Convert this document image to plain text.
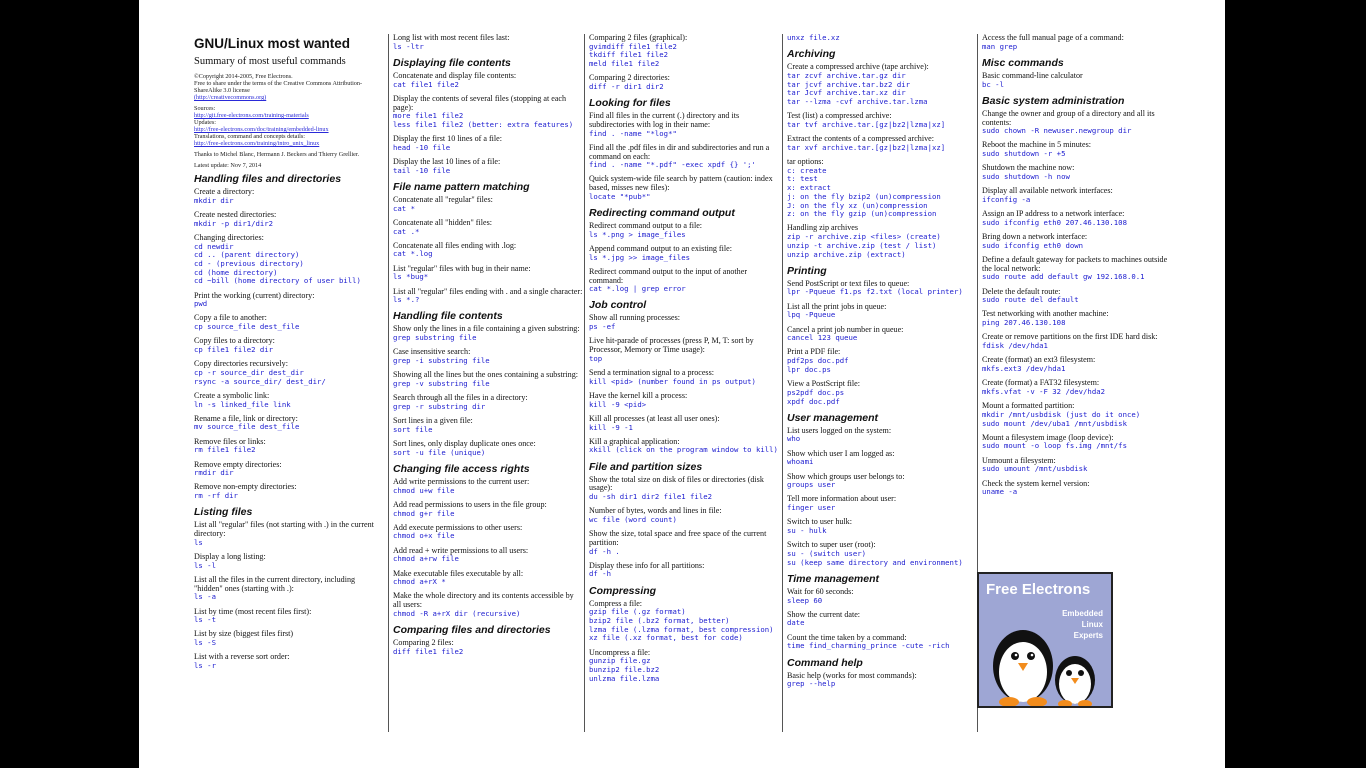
GNU/Linux most wanted
Summary of most useful commands

©Copyright 2014-2005, Free Electrons.
Free to share under the terms of the Creative Commons Attribution-ShareAlike 3.0 license
(http://creativecommons.org)

Sources:
http://git.free-electrons.com/training-materials
Updates:
http://free-electrons.com/doc/training/embedded-linux
Translations, command and concepts details:
http://free-electrons.com/training/intro_unix_linux

Thanks to Michel Blanc, Hermann J. Beckers and Thierry Grellier.

Latest update: Nov 7, 2014

Handling files and directories
Create a directory:
mkdir dir
Create nested directories:
mkdir -p dir1/dir2
Changing directories:
cd newdir
cd .. (parent directory)
cd - (previous directory)
cd (home directory)
cd ~bill (home directory of user bill)
Print the working (current) directory:
pwd
Copy a file to another:
cp source_file dest_file
Copy files to a directory:
cp file1 file2 dir
Copy directories recursively:
cp -r source_dir dest_dir
rsync -a source_dir/ dest_dir/
Create a symbolic link:
ln -s linked_file link
Rename a file, link or directory:
mv source_file dest_file
Remove files or links:
rm file1 file2
Remove empty directories:
rmdir dir
Remove non-empty directories:
rm -rf dir
Listing files
List all "regular" files (not starting with .) in the current directory:
ls
Display a long listing:
ls -l
List all the files in the current directory, including "hidden" ones (starting with .):
ls -a
List by time (most recent files first):
ls -t
List by size (biggest files first)
ls -S
List with a reverse sort order:
ls -r
Long list with most recent files last:
ls -ltr
Displaying file contents
Concatenate and display file contents:
cat file1 file2
Display the contents of several files (stopping at each page):
more file1 file2
less file1 file2 (better: extra features)
Display the first 10 lines of a file:
head -10 file
Display the last 10 lines of a file:
tail -10 file
File name pattern matching
Concatenate all "regular" files:
cat *
Concatenate all "hidden" files:
cat .*
Concatenate all files ending with .log:
cat *.log
List "regular" files with bug in their name:
ls *bug*
List all "regular" files ending with . and a single character:
ls *.?
Handling file contents
Show only the lines in a file containing a given substring:
grep substring file
Case insensitive search:
grep -i substring file
Showing all the lines but the ones containing a substring:
grep -v substring file
Search through all the files in a directory:
grep -r substring dir
Sort lines in a given file:
sort file
Sort lines, only display duplicate ones once:
sort -u file (unique)
Changing file access rights
Add write permissions to the current user:
chmod u+w file
Add read permissions to users in the file group:
chmod g+r file
Add execute permissions to other users:
chmod o+x file
Add read + write permissions to all users:
chmod a+rw file
Make executable files executable by all:
chmod a+rX *
Make the whole directory and its contents accessible by all users:
chmod -R a+rX dir (recursive)
Comparing files and directories
Comparing 2 files:
diff file1 file2
Comparing 2 files (graphical):
gvimdiff file1 file2
tkdiff file1 file2
meld file1 file2
Comparing 2 directories:
diff -r dir1 dir2
Looking for files
Find all files in the current (.) directory and its subdirectories with log in their name:
find . -name "*log*"
Find all the .pdf files in dir and subdirectories and run a command on each:
find . -name "*.pdf" -exec xpdf {} ';'
Quick system-wide file search by pattern (caution: index based, misses new files):
locate "*pub*"
Redirecting command output
Redirect command output to a file:
ls *.png > image_files
Append command output to an existing file:
ls *.jpg >> image_files
Redirect command output to the input of another command:
cat *.log | grep error
Job control
Show all running processes:
ps -ef
Live hit-parade of processes (press P, M, T: sort by Processor, Memory or Time usage):
top
Send a termination signal to a process:
kill <pid> (number found in ps output)
Have the kernel kill a process:
kill -9 <pid>
Kill all processes (at least all user ones):
kill -9 -1
Kill a graphical application:
xkill (click on the program window to kill)
File and partition sizes
Show the total size on disk of files or directories (disk usage):
du -sh dir1 dir2 file1 file2
Number of bytes, words and lines in file:
wc file (word count)
Show the size, total space and free space of the current partition:
df -h .
Display these info for all partitions:
df -h
Compressing
Compress a file:
gzip file (.gz format)
bzip2 file (.bz2 format, better)
lzma file (.lzma format, best compression)
xz file (.xz format, best for code)
Uncompress a file:
gunzip file.gz
bunzip2 file.bz2
unlzma file.lzma
unxz file.xz
Archiving
Create a compressed archive (tape archive):
tar zcvf archive.tar.gz dir
tar jcvf archive.tar.bz2 dir
tar Jcvf archive.tar.xz dir
tar --lzma -cvf archive.tar.lzma
Test (list) a compressed archive:
tar tvf archive.tar.[gz|bz2|lzma|xz]
Extract the contents of a compressed archive:
tar xvf archive.tar.[gz|bz2|lzma|xz]
tar options:
c: create
t: test
x: extract
j: on the fly bzip2 (un)compression
J: on the fly xz (un)compression
z: on the fly gzip (un)compression
Handling zip archives
zip -r archive.zip <files> (create)
unzip -t archive.zip (test / list)
unzip archive.zip (extract)
Printing
Send PostScript or text files to queue:
lpr -Pqueue f1.ps f2.txt (local printer)
List all the print jobs in queue:
lpq -Pqueue
Cancel a print job number in queue:
cancel 123 queue
Print a PDF file:
pdf2ps doc.pdf
lpr doc.ps
View a PostScript file:
ps2pdf doc.ps
xpdf doc.pdf
User management
List users logged on the system:
who
Show which user I am logged as:
whoami
Show which groups user belongs to:
groups user
Tell more information about user:
finger user
Switch to user hulk:
su - hulk
Switch to super user (root):
su - (switch user)
su (keep same directory and environment)
Time management
Wait for 60 seconds:
sleep 60
Show the current date:
date
Count the time taken by a command:
time find_charming_prince -cute -rich
Command help
Basic help (works for most commands):
grep --help
Access the full manual page of a command:
man grep
Misc commands
Basic command-line calculator
bc -l
Basic system administration
Change the owner and group of a directory and all its contents:
sudo chown -R newuser.newgroup dir
Reboot the machine in 5 minutes:
sudo shutdown -r +5
Shutdown the machine now:
sudo shutdown -h now
Display all available network interfaces:
ifconfig -a
Assign an IP address to a network interface:
sudo ifconfig eth0 207.46.130.108
Bring down a network interface:
sudo ifconfig eth0 down
Define a default gateway for packets to machines outside the local network:
sudo route add default gw 192.168.0.1
Delete the default route:
sudo route del default
Test networking with another machine:
ping 207.46.130.108
Create or remove partitions on the first IDE hard disk:
fdisk /dev/hda1
Create (format) an ext3 filesystem:
mkfs.ext3 /dev/hda1
Create (format) a FAT32 filesystem:
mkfs.vfat -v -F 32 /dev/hda2
Mount a formatted partition:
mkdir /mnt/usbdisk (just do it once)
sudo mount /dev/uba1 /mnt/usbdisk
Mount a filesystem image (loop device):
sudo mount -o loop fs.img /mnt/fs
Unmount a filesystem:
sudo umount /mnt/usbdisk
Check the system kernel version:
uname -a
Free Electrons
Embedded
Linux
Experts
